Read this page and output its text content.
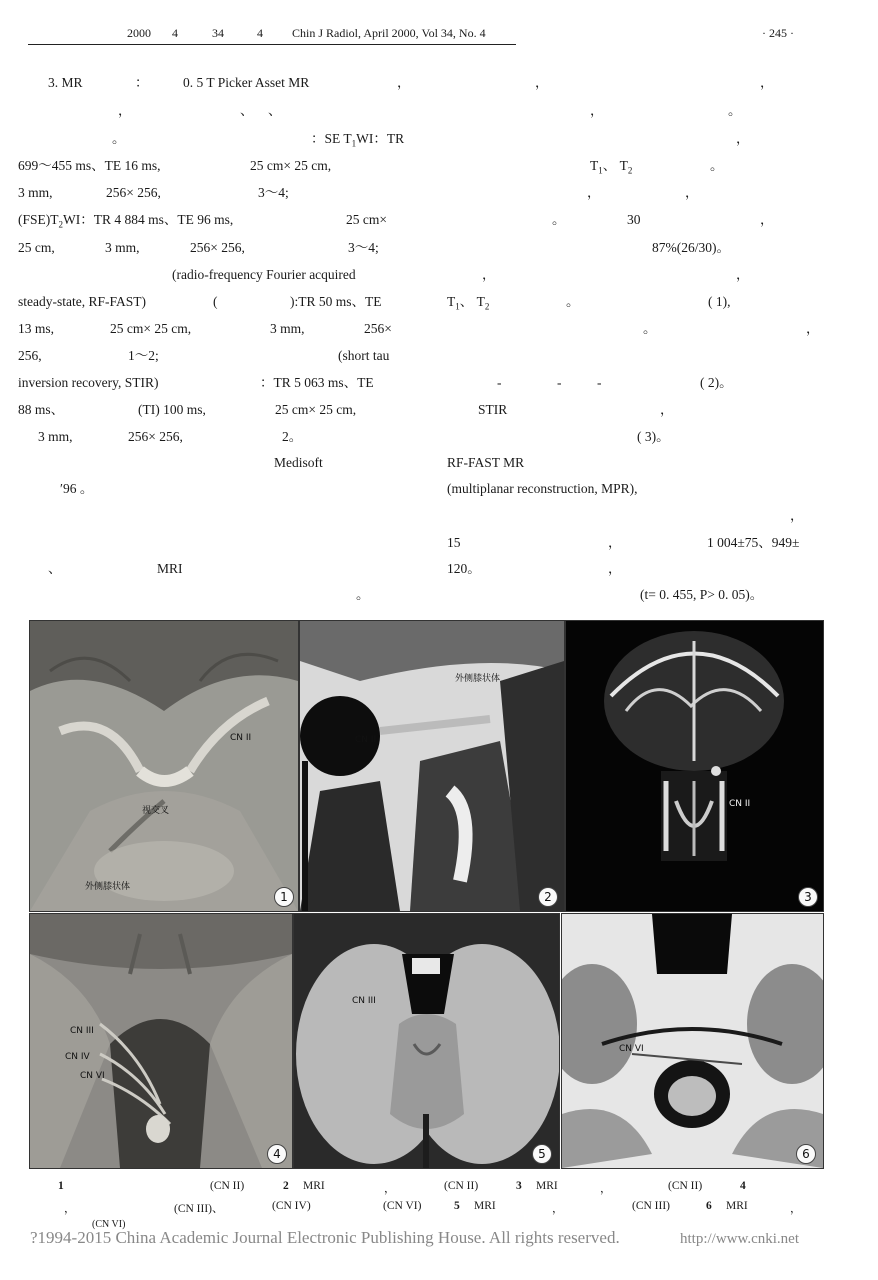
2000 4	34	4 Chin J Radiol, April 2000, Vol 34, No. 4	· 245 ·
3. MR	：	0. 5 T Picker Asset MR	，
，	、 、
。	：SE $T_1WI$：TR
699～455 ms、TE 16 ms,	25 cm× 25 cm,
3 mm,	256× 256,	3～4;
$(FSE)T_2WI$：TR 4 884 ms、TE 96 ms,	25 cm×
25 cm,	3 mm,	256× 256,	3～4;
(radio-frequency Fourier acquired
steady-state, RF-FAST)	(	):TR 50 ms、TE
13 ms,	25 cm× 25 cm,	3 mm,	256×
256,	1～2;	(short tau
inversion recovery, STIR)	：TR 5 063 ms、TE
88 ms、	(TI) 100 ms,	25 cm× 25 cm,
3 mm,	256× 256,	2。
Medisoft
′96 。
、	MRI
。
，	，
，	。
，
$T_1$、 $T_2$	。
，	，
。	30	，
87%(26/30)。
，	，
$T_1$、 $T_2$	。	( 1),
。	，
-	-	-	( 2)。
STIR	，
( 3)。
RF-FAST MR
(multiplanar reconstruction, MPR),
，
15	，	1 004±75、949±
120。	，
(t= 0. 455, P> 0. 05)。
CN II
视交叉
外侧膝状体
1
外侧膝状体
CN II
2
CN II
3
CN III
CN IV
CN VI
4
CN III
5
CN VI
6
1	(CN II)	2 MRI	，	(CN II)	3 MRI	，	(CN II)	4
，	(CN III)、	(CN IV)	(CN VI)	5 MRI	，	(CN III)	6 MRI	，
(CN VI)
?1994-2015 China Academic Journal Electronic Publishing House. All rights reserved.	http://www.cnki.net
